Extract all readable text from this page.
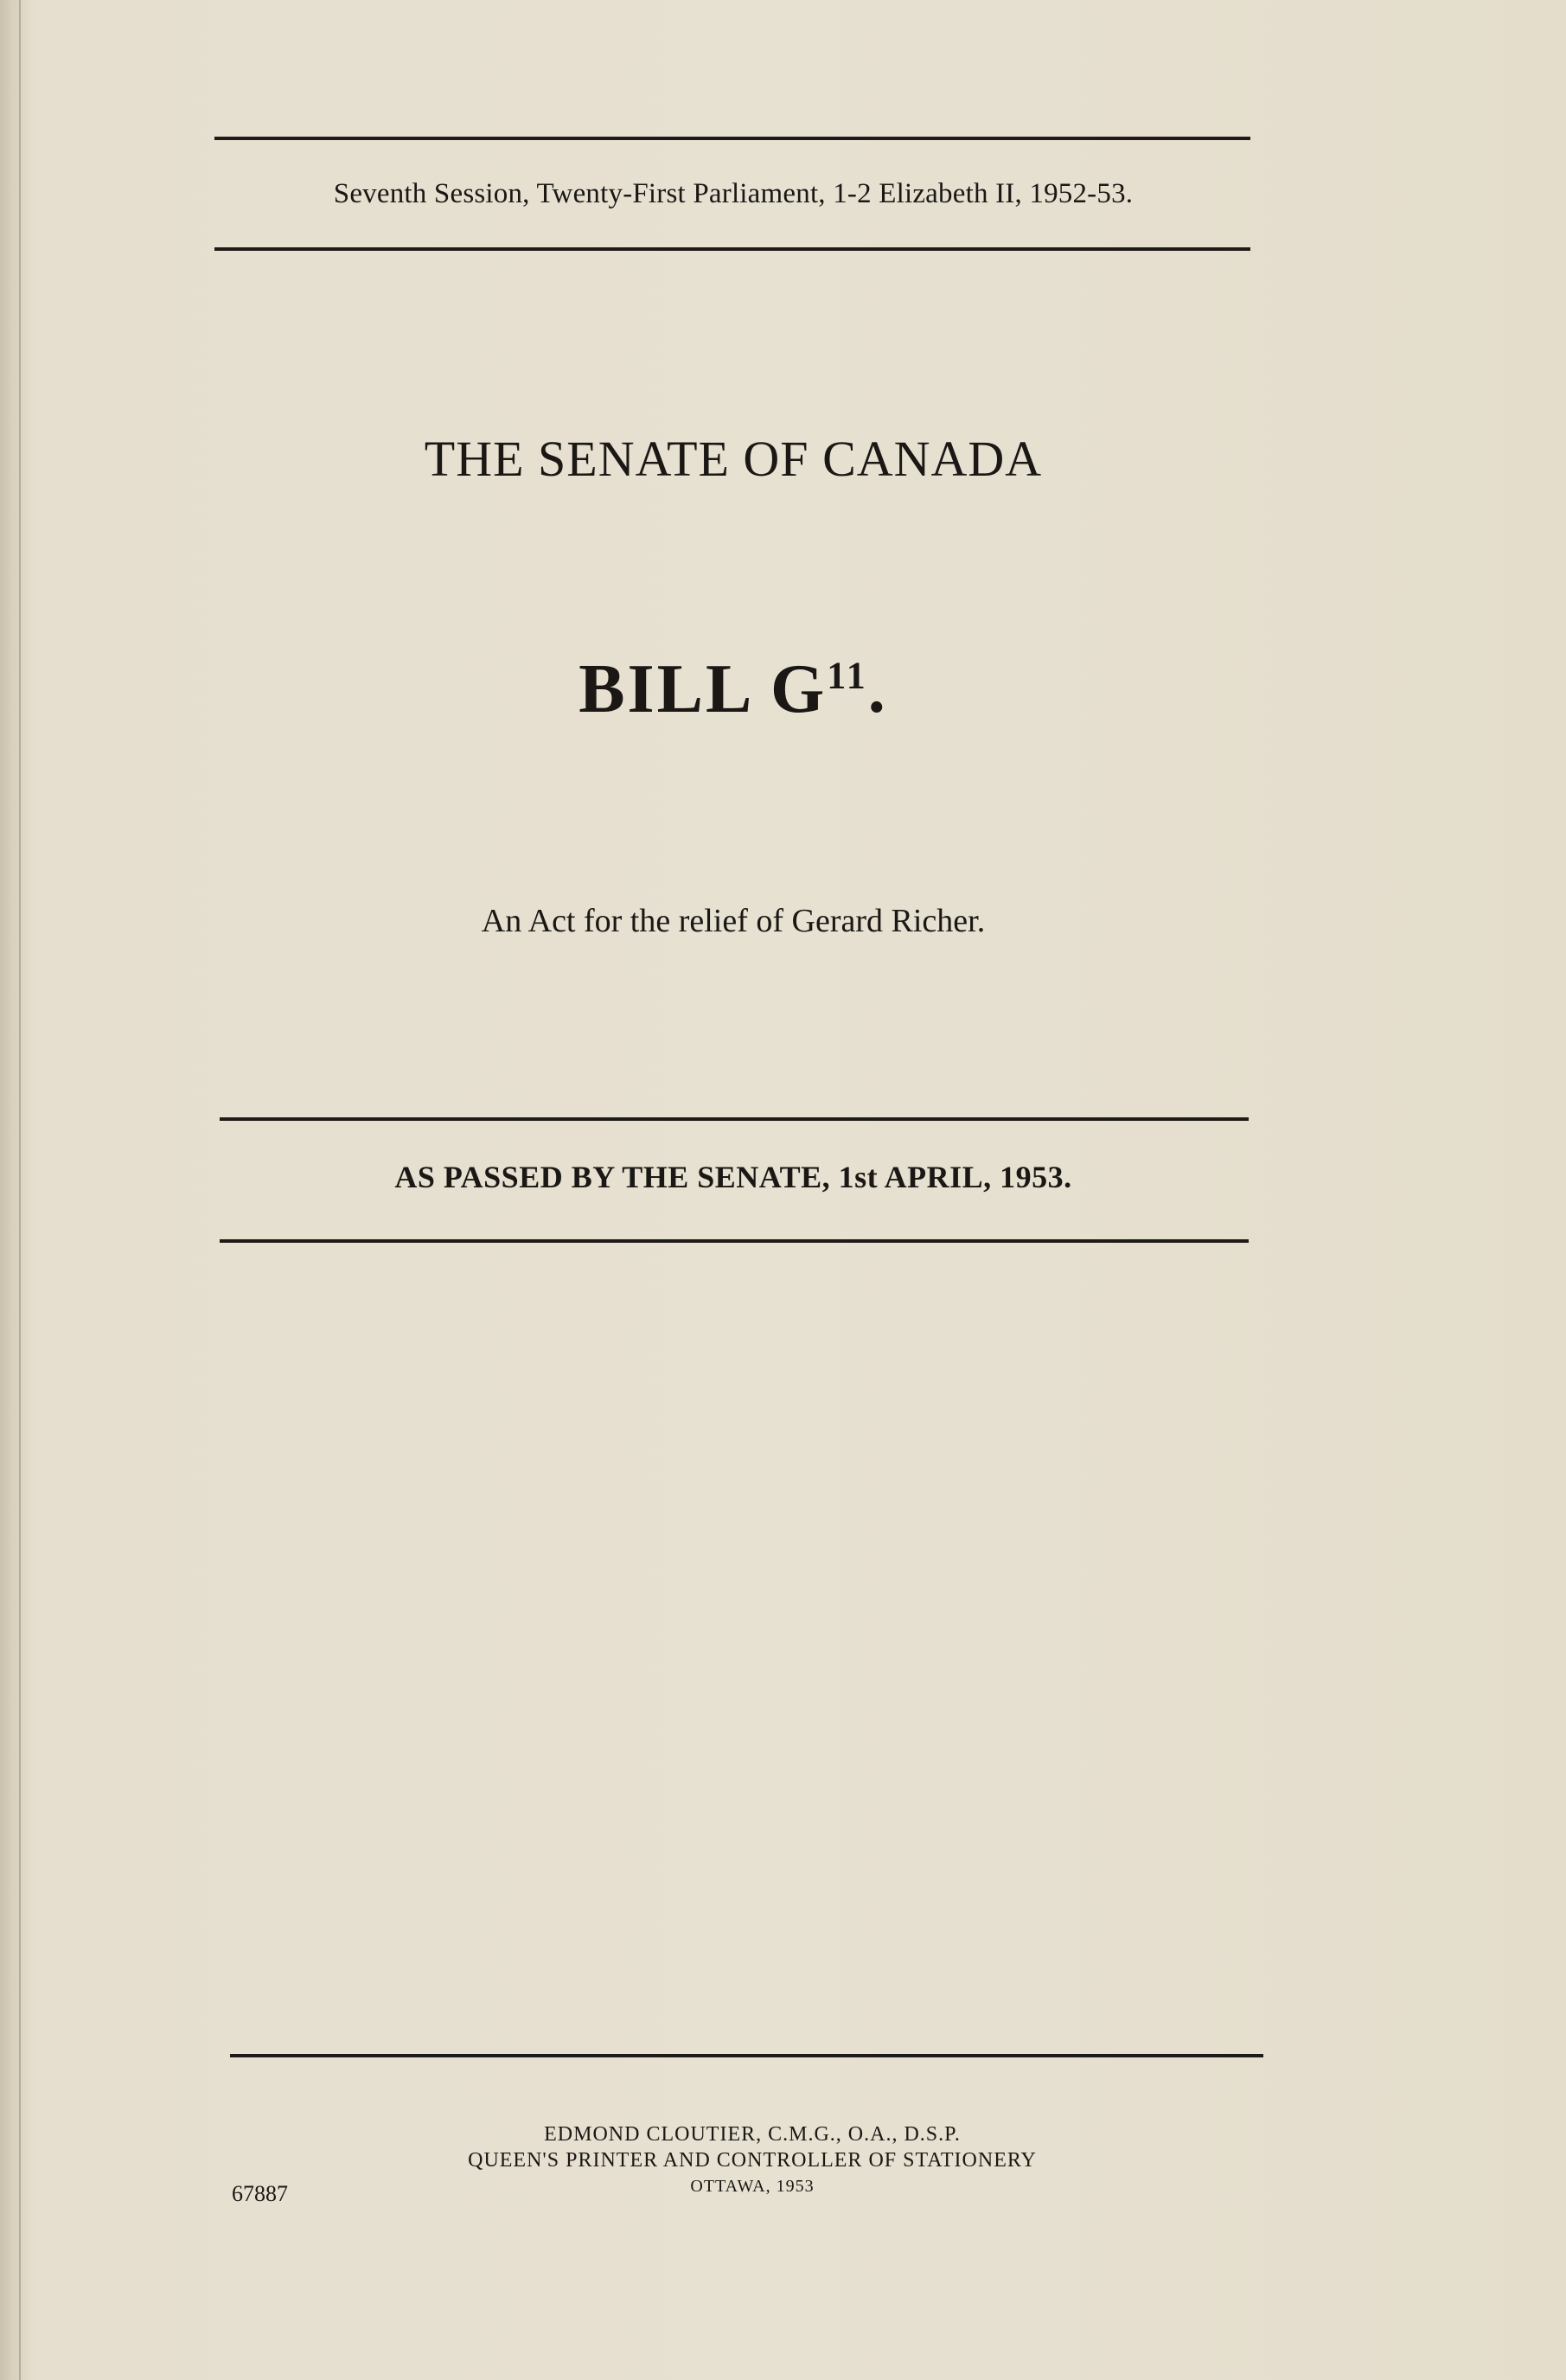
Seventh Session, Twenty-First Parliament, 1-2 Elizabeth II, 1952-53.
THE SENATE OF CANADA
BILL $G^{11}$.
An Act for the relief of Gerard Richer.
AS PASSED BY THE SENATE, 1st APRIL, 1953.
EDMOND CLOUTIER, C.M.G., O.A., D.S.P.
QUEEN'S PRINTER AND CONTROLLER OF STATIONERY
OTTAWA, 1953
67887
